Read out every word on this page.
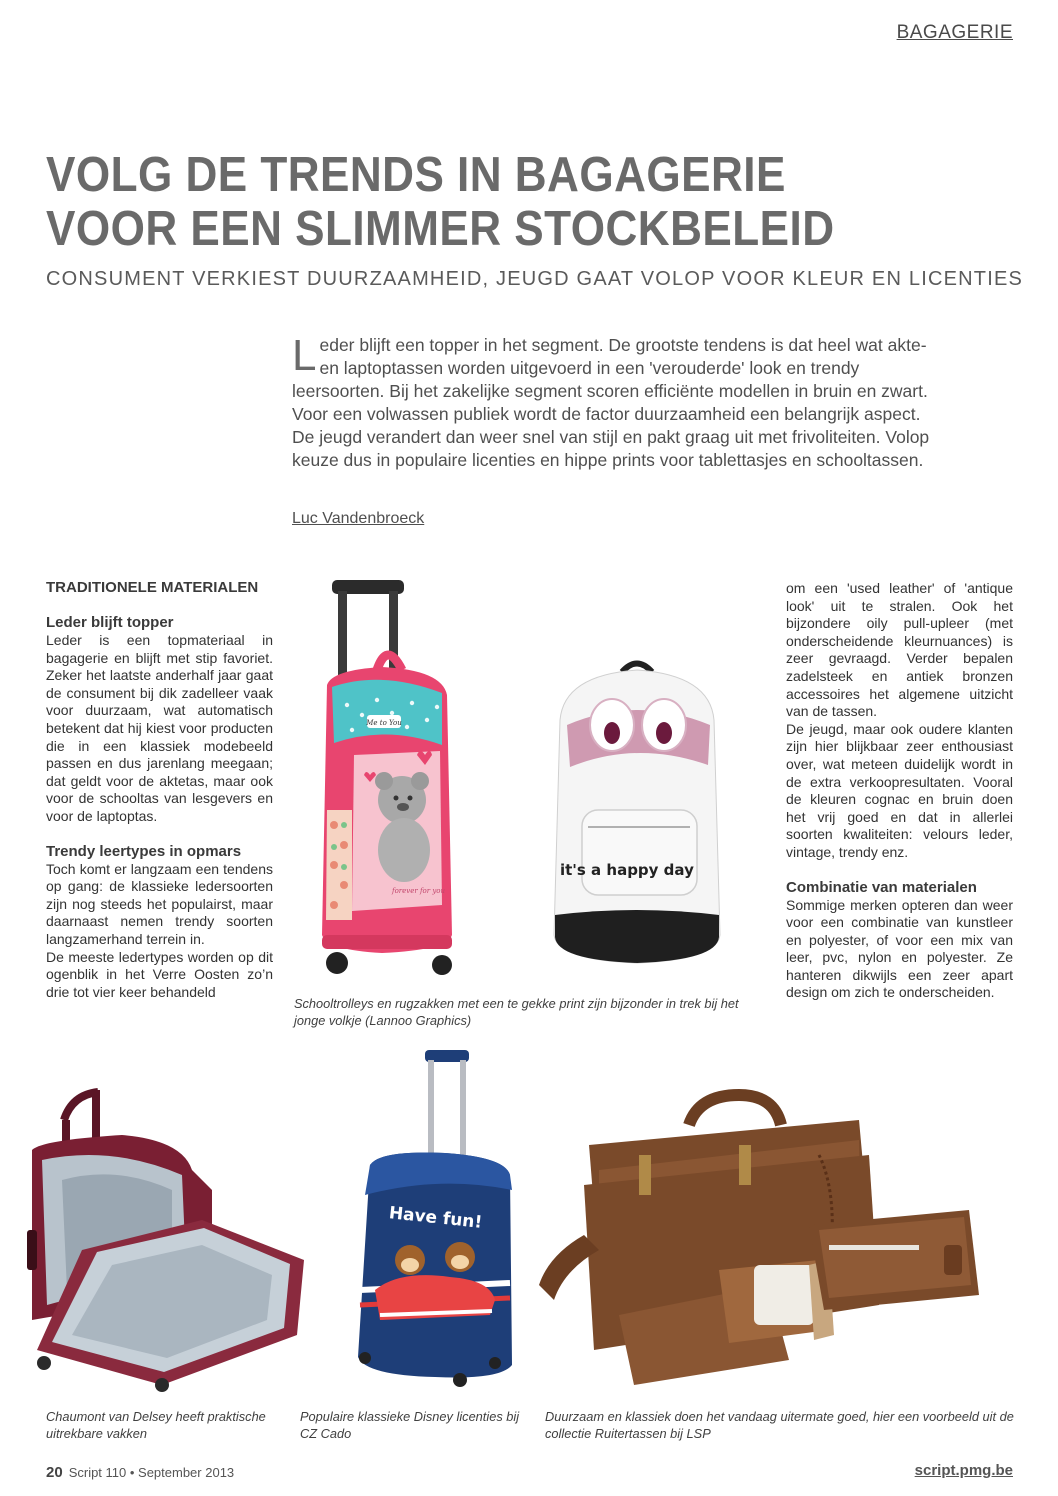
BAGAGERIE
VOLG DE TRENDS IN BAGAGERIE
VOOR EEN SLIMMER STOCKBELEID
CONSUMENT VERKIEST DUURZAAMHEID, JEUGD GAAT VOLOP VOOR KLEUR EN LICENTIES
Leder blijft een topper in het segment. De grootste tendens is dat heel wat akte- en laptoptassen worden uitgevoerd in een 'verouderde' look en trendy leersoorten. Bij het zakelijke segment scoren efficiënte modellen in bruin en zwart. Voor een volwassen publiek wordt de factor duurzaamheid een belangrijk aspect. De jeugd verandert dan weer snel van stijl en pakt graag uit met frivoliteiten. Volop keuze dus in populaire licenties en hippe prints voor tablettasjes en schooltassen.
Luc Vandenbroeck
TRADITIONELE MATERIALEN
Leder blijft topper

Leder is een topmateriaal in bagagerie en blijft met stip favoriet. Zeker het laatste anderhalf jaar gaat de consument bij dik zadelleer vaak voor duurzaam, wat automatisch betekent dat hij kiest voor producten die in een klassiek modebeeld passen en dus jarenlang meegaan; dat geldt voor de aktetas, maar ook voor de schooltas van lesgevers en voor de laptoptas.

Trendy leertypes in opmars

Toch komt er langzaam een tendens op gang: de klassieke ledersoorten zijn nog steeds het populairst, maar daarnaast nemen trendy soorten langzamerhand terrein in.

De meeste ledertypes worden op dit ogenblik in het Verre Oosten zo’n drie tot vier keer behandeld

om een 'used leather' of 'antique look' uit te stralen. Ook het bijzondere oily pull-upleer (met onderscheidende kleurnuances) is zeer gevraagd. Verder bepalen zadelsteek en antiek bronzen accessoires het algemene uitzicht van de tassen.

De jeugd, maar ook oudere klanten zijn hier blijkbaar zeer enthousiast over, wat meteen duidelijk wordt in de extra verkoopresultaten. Vooral de kleuren cognac en bruin doen het vrij goed en dat in allerlei soorten kwaliteiten: velours leder, vintage, trendy enz.

Combinatie van materialen

Sommige merken opteren dan weer voor een combinatie van kunstleer en polyester, of voor een mix van leer, pvc, nylon en polyester. Ze hanteren dikwijls een zeer apart design om zich te onderscheiden.

Me to You
forever for you
it's a happy day
Schooltrolleys en rugzakken met een te gekke print zijn bijzonder in trek bij het jonge volkje (Lannoo Graphics)
Chaumont van Delsey heeft praktische uitrekbare vakken
Have fun!
Populaire klassieke Disney licenties bij CZ Cado
Duurzaam en klassiek doen het vandaag uitermate goed, hier een voorbeeld uit de collectie Ruitertassen bij LSP
20 Script 110 • September 2013	script.pmg.be
